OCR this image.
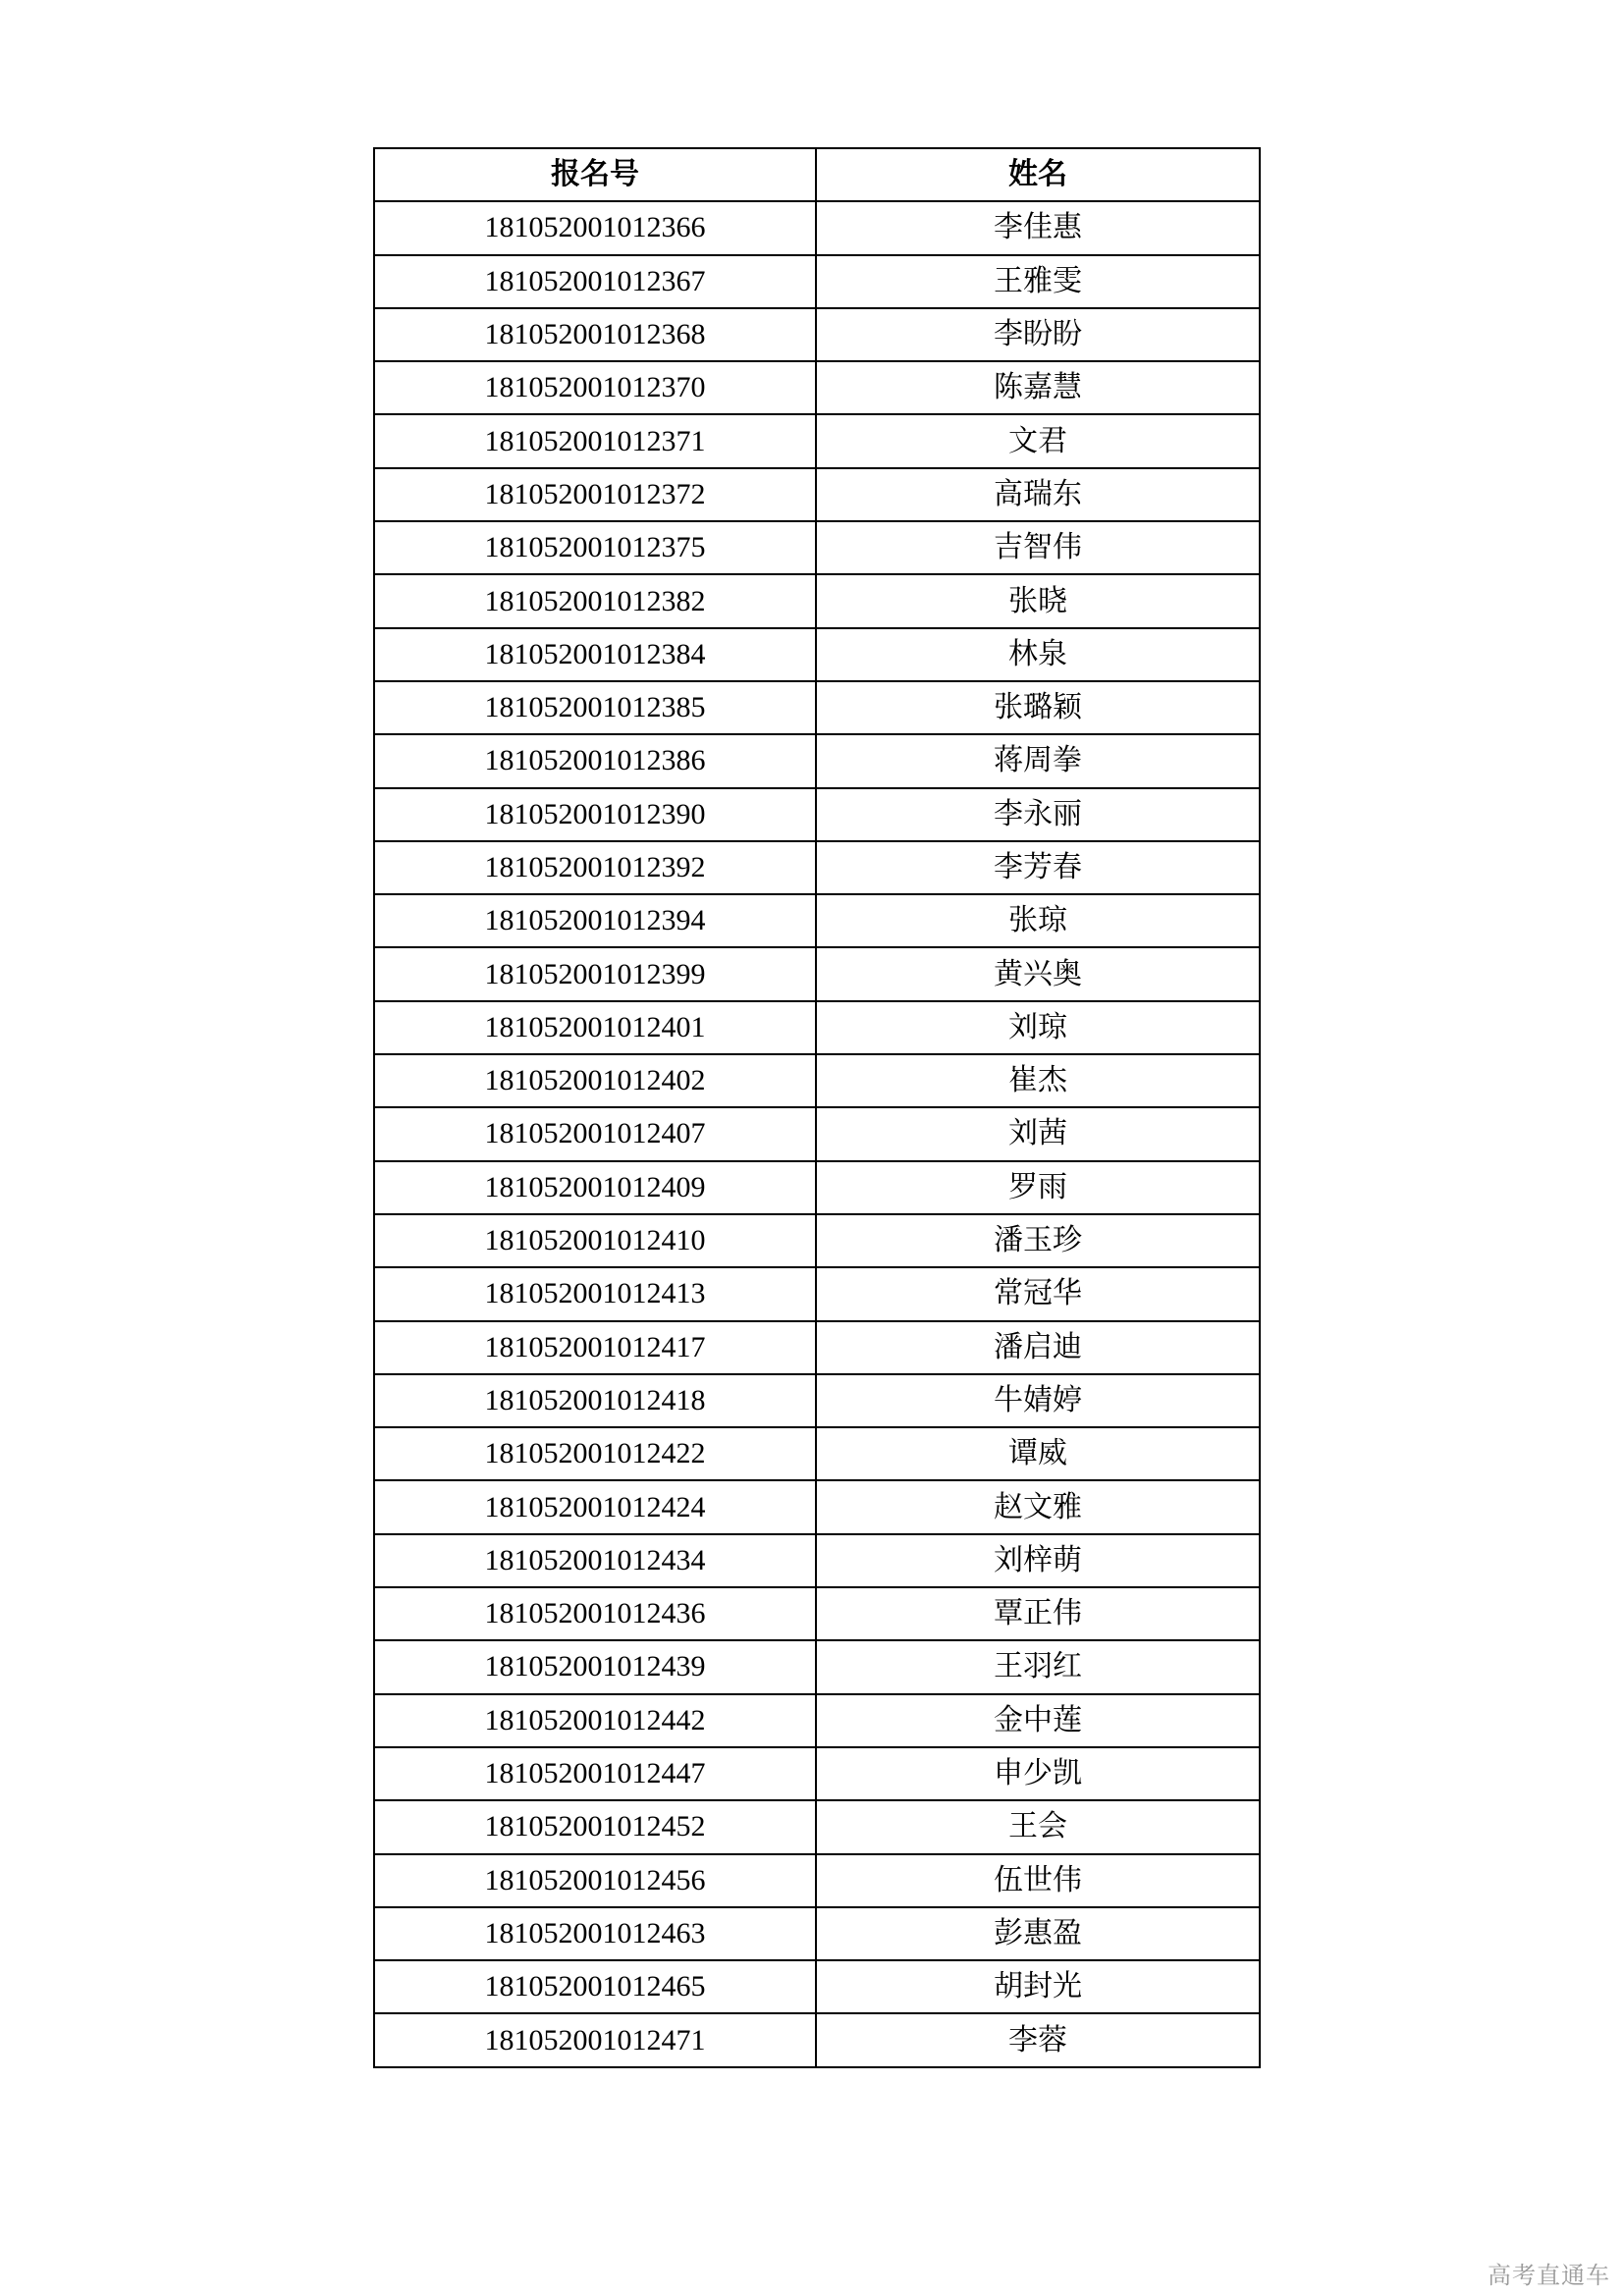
报名号	姓名
181052001012366	李佳惠
181052001012367	王雅雯
181052001012368	李盼盼
181052001012370	陈嘉慧
181052001012371	文君
181052001012372	高瑞东
181052001012375	吉智伟
181052001012382	张晓
181052001012384	林泉
181052001012385	张璐颖
181052001012386	蒋周拳
181052001012390	李永丽
181052001012392	李芳春
181052001012394	张琼
181052001012399	黄兴奥
181052001012401	刘琼
181052001012402	崔杰
181052001012407	刘茜
181052001012409	罗雨
181052001012410	潘玉珍
181052001012413	常冠华
181052001012417	潘启迪
181052001012418	牛婧婷
181052001012422	谭威
181052001012424	赵文雅
181052001012434	刘梓萌
181052001012436	覃正伟
181052001012439	王羽红
181052001012442	金中莲
181052001012447	申少凯
181052001012452	王会
181052001012456	伍世伟
181052001012463	彭惠盈
181052001012465	胡封光
181052001012471	李蓉
高考直通车
